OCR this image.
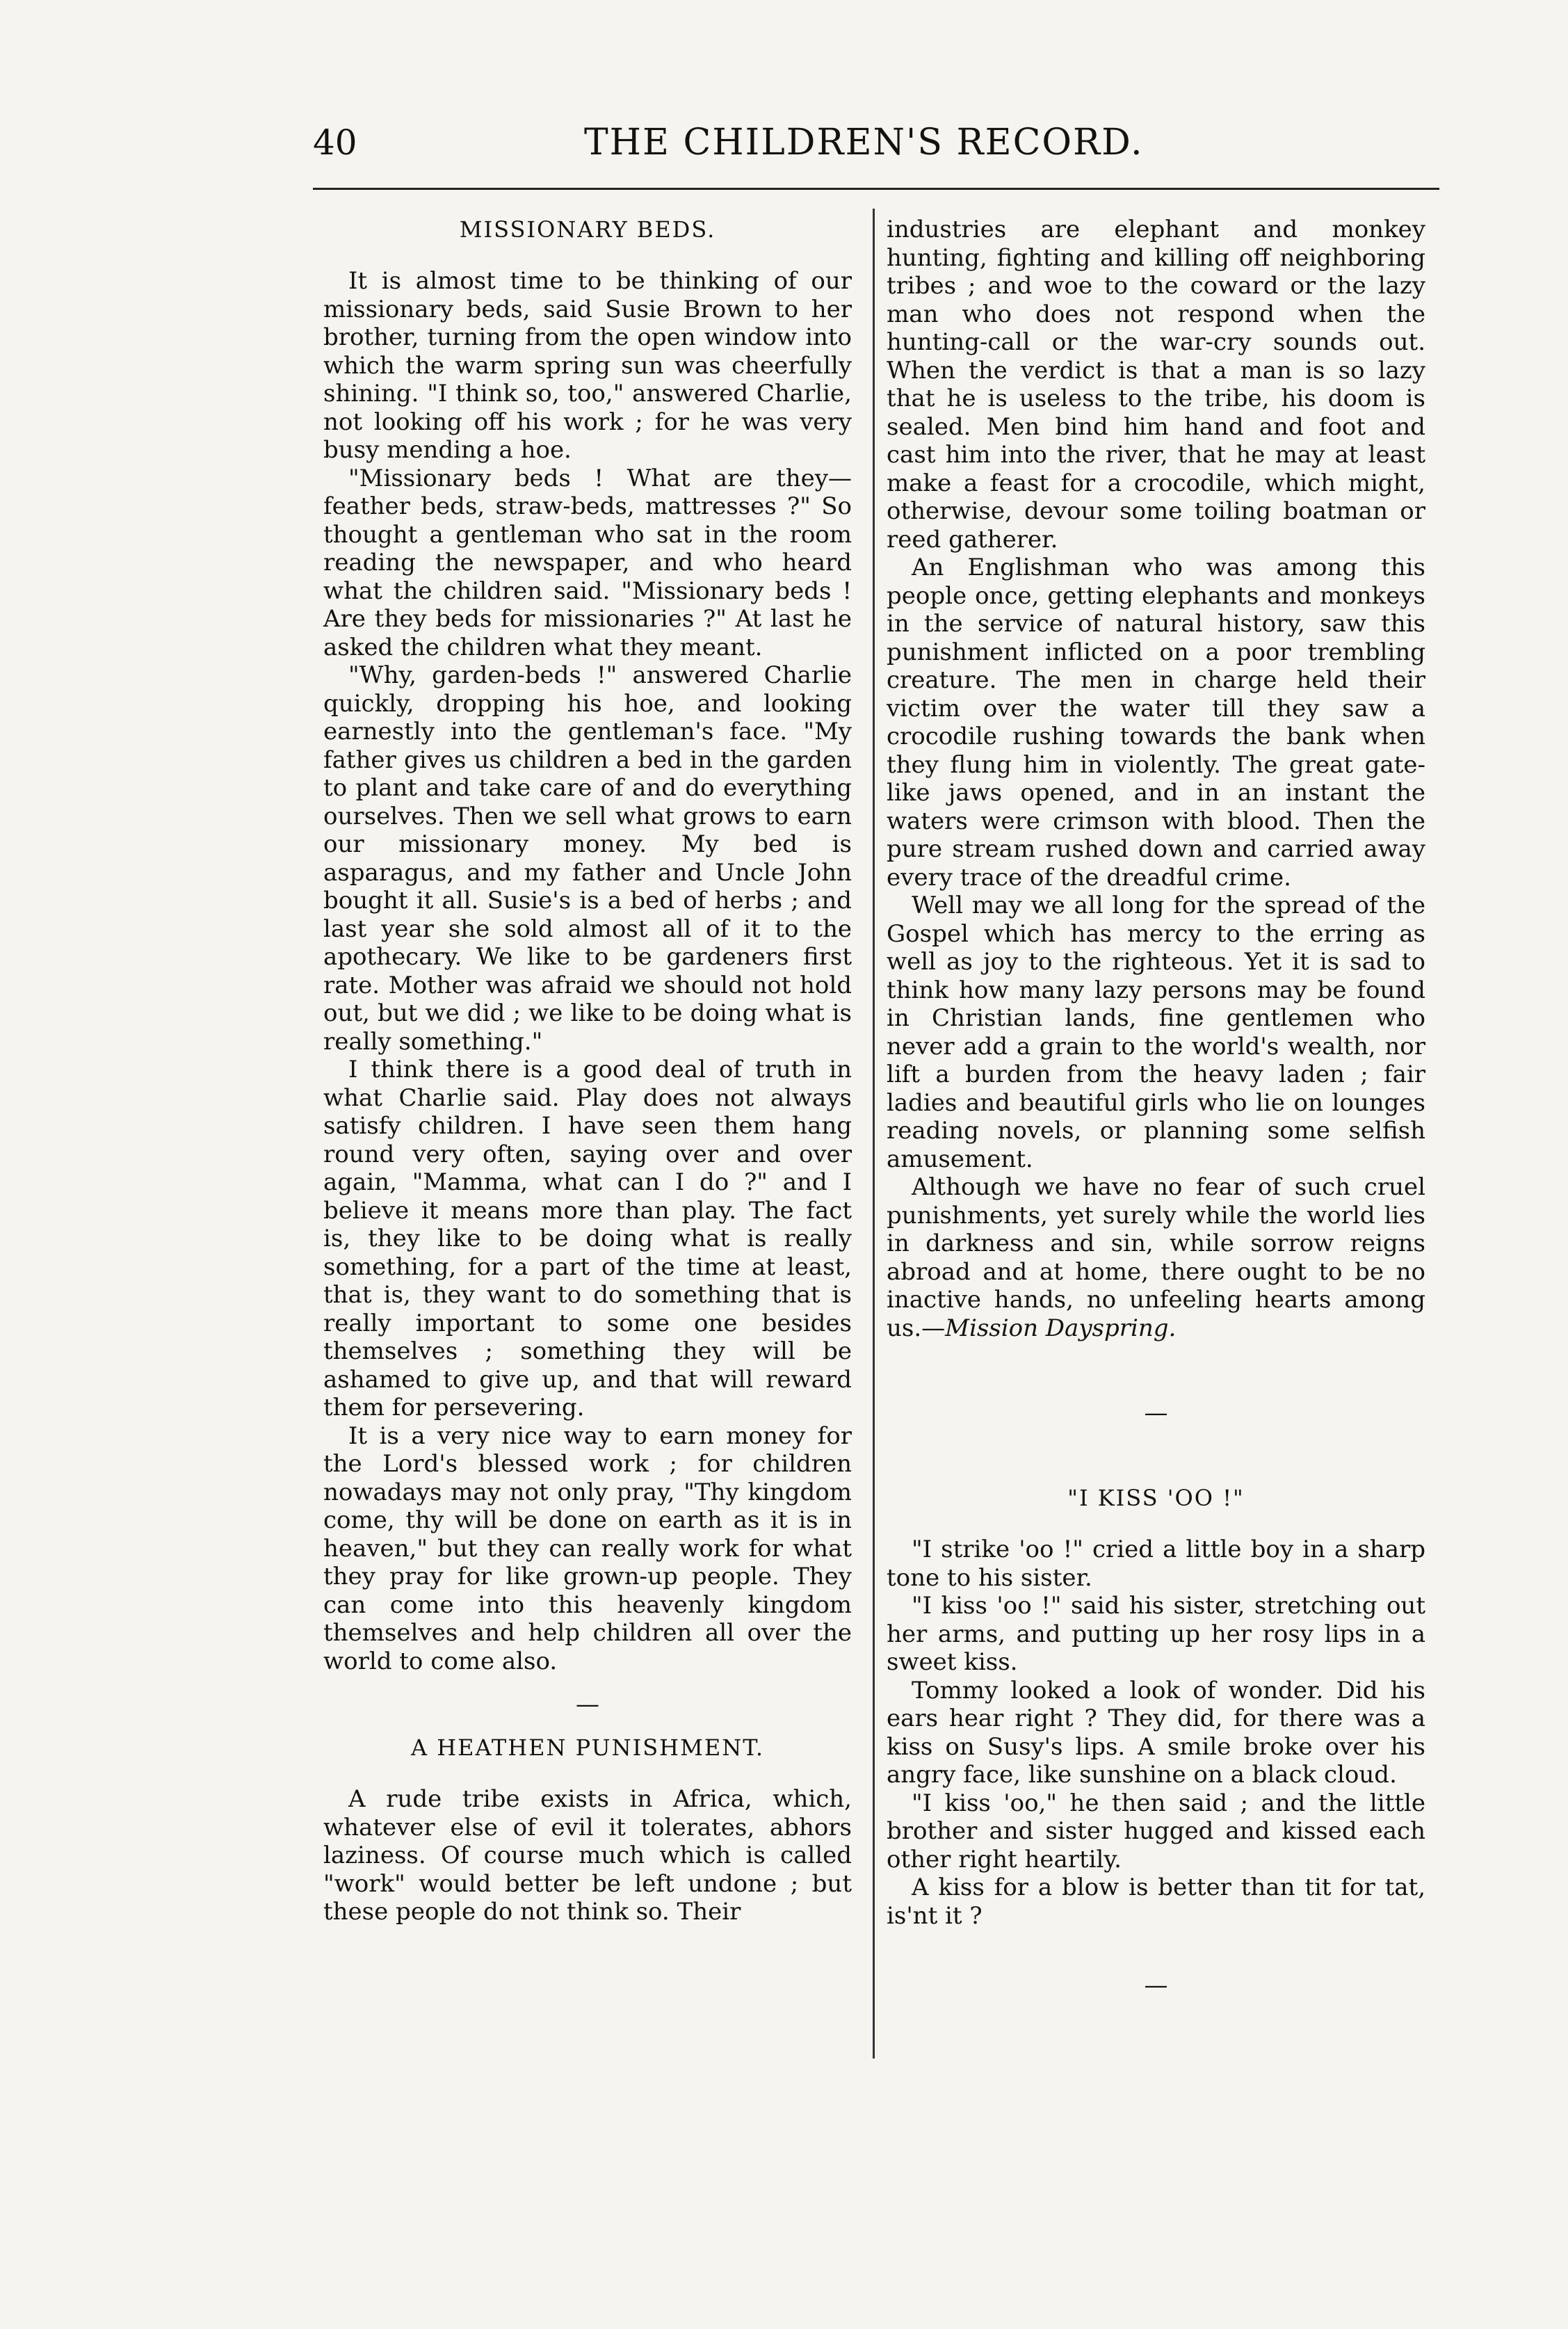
40	THE CHILDREN'S RECORD.
MISSIONARY BEDS.

It is almost time to be thinking of our missionary beds, said Susie Brown to her brother, turning from the open window into which the warm spring sun was cheerfully shining. "I think so, too," answered Charlie, not looking off his work ; for he was very busy mending a hoe.

"Missionary beds ! What are they—feather beds, straw-beds, mattresses ?" So thought a gentleman who sat in the room reading the newspaper, and who heard what the children said. "Missionary beds ! Are they beds for missionaries ?" At last he asked the children what they meant.

"Why, garden-beds !" answered Charlie quickly, dropping his hoe, and looking earnestly into the gentleman's face. "My father gives us children a bed in the garden to plant and take care of and do everything ourselves. Then we sell what grows to earn our missionary money. My bed is asparagus, and my father and Uncle John bought it all. Susie's is a bed of herbs ; and last year she sold almost all of it to the apothecary. We like to be gardeners first rate. Mother was afraid we should not hold out, but we did ; we like to be doing what is really something."

I think there is a good deal of truth in what Charlie said. Play does not always satisfy children. I have seen them hang round very often, saying over and over again, "Mamma, what can I do ?" and I believe it means more than play. The fact is, they like to be doing what is really something, for a part of the time at least, that is, they want to do something that is really important to some one besides themselves ; something they will be ashamed to give up, and that will reward them for persevering.

It is a very nice way to earn money for the Lord's blessed work ; for children nowadays may not only pray, "Thy kingdom come, thy will be done on earth as it is in heaven," but they can really work for what they pray for like grown-up people. They can come into this heavenly kingdom themselves and help children all over the world to come also.

—
A HEATHEN PUNISHMENT.

A rude tribe exists in Africa, which, whatever else of evil it tolerates, abhors laziness. Of course much which is called "work" would better be left undone ; but these people do not think so. Their

industries are elephant and monkey hunting, fighting and killing off neighboring tribes ; and woe to the coward or the lazy man who does not respond when the hunting-call or the war-cry sounds out. When the verdict is that a man is so lazy that he is useless to the tribe, his doom is sealed. Men bind him hand and foot and cast him into the river, that he may at least make a feast for a crocodile, which might, otherwise, devour some toiling boatman or reed gatherer.

An Englishman who was among this people once, getting elephants and monkeys in the service of natural history, saw this punishment inflicted on a poor trembling creature. The men in charge held their victim over the water till they saw a crocodile rushing towards the bank when they flung him in violently. The great gate-like jaws opened, and in an instant the waters were crimson with blood. Then the pure stream rushed down and carried away every trace of the dreadful crime.

Well may we all long for the spread of the Gospel which has mercy to the erring as well as joy to the righteous. Yet it is sad to think how many lazy persons may be found in Christian lands, fine gentlemen who never add a grain to the world's wealth, nor lift a burden from the heavy laden ; fair ladies and beautiful girls who lie on lounges reading novels, or planning some selfish amusement.

Although we have no fear of such cruel punishments, yet surely while the world lies in darkness and sin, while sorrow reigns abroad and at home, there ought to be no inactive hands, no unfeeling hearts among us.—Mission Dayspring.

—
"I KISS 'OO !"

"I strike 'oo !" cried a little boy in a sharp tone to his sister.

"I kiss 'oo !" said his sister, stretching out her arms, and putting up her rosy lips in a sweet kiss.

Tommy looked a look of wonder. Did his ears hear right ? They did, for there was a kiss on Susy's lips. A smile broke over his angry face, like sunshine on a black cloud.

"I kiss 'oo," he then said ; and the little brother and sister hugged and kissed each other right heartily.

A kiss for a blow is better than tit for tat, is'nt it ?

—
